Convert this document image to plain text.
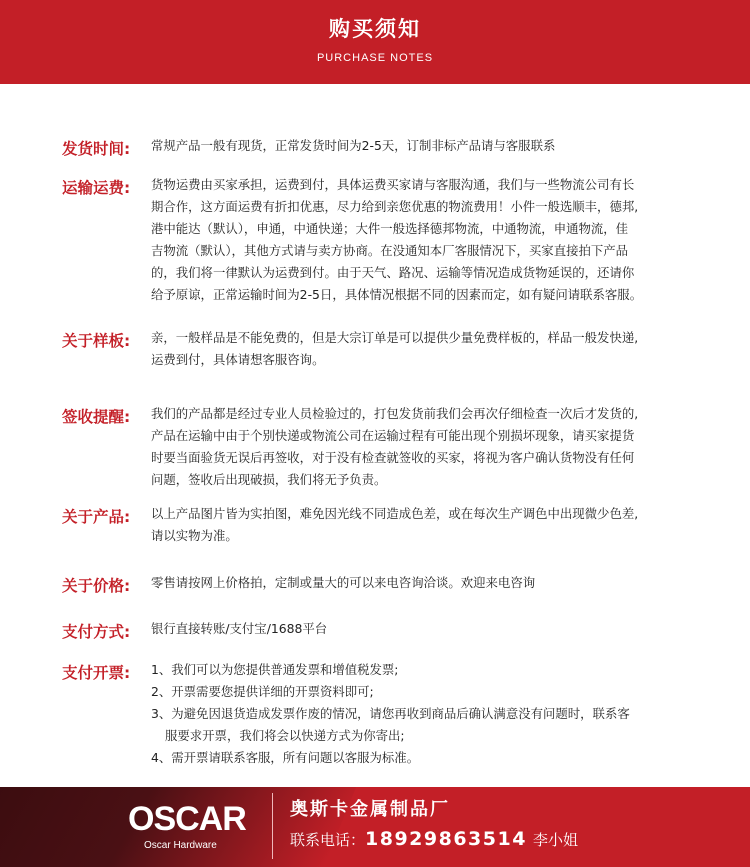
购买须知
PURCHASE NOTES
发货时间:	常规产品一般有现货，正常发货时间为2-5天，订制非标产品请与客服联系
运输运费:	货物运费由买家承担，运费到付，具体运费买家请与客服沟通，我们与一些物流公司有长
期合作，这方面运费有折扣优惠，尽力给到亲您优惠的物流费用！小件一般选顺丰，德邦,
港中能达（默认），申通，中通快递；大件一般选择德邦物流，中通物流，申通物流，佳
吉物流（默认），其他方式请与卖方协商。在没通知本厂客服情况下，买家直接拍下产品
的，我们将一律默认为运费到付。由于天气、路况、运输等情况造成货物延误的，还请你
给予原谅，正常运输时间为2-5日，具体情况根据不同的因素而定，如有疑问请联系客服。
关于样板:	亲，一般样品是不能免费的，但是大宗订单是可以提供少量免费样板的，样品一般发快递,
运费到付，具体请想客服咨询。
签收提醒:	我们的产品都是经过专业人员检验过的，打包发货前我们会再次仔细检查一次后才发货的,
产品在运输中由于个别快递或物流公司在运输过程有可能出现个别损坏现象，请买家提货
时要当面验货无误后再签收，对于没有检查就签收的买家，将视为客户确认货物没有任何
问题，签收后出现破损，我们将无予负责。
关于产品:	以上产品图片皆为实拍图，难免因光线不同造成色差，或在每次生产调色中出现微少色差,
请以实物为准。
关于价格:	零售请按网上价格拍，定制或量大的可以来电咨询洽谈。欢迎来电咨询
支付方式:	银行直接转账/支付宝/1688平台
支付开票:	1、我们可以为您提供普通发票和增值税发票;
2、开票需要您提供详细的开票资料即可;
3、为避免因退货造成发票作废的情况，请您再收到商品后确认满意没有问题时，联系客
服要求开票，我们将会以快递方式为你寄出;
4、需开票请联系客服，所有问题以客服为标准。
OSCAR
Oscar Hardware
奥斯卡金属制品厂
联系电话：18929863514 李小姐
